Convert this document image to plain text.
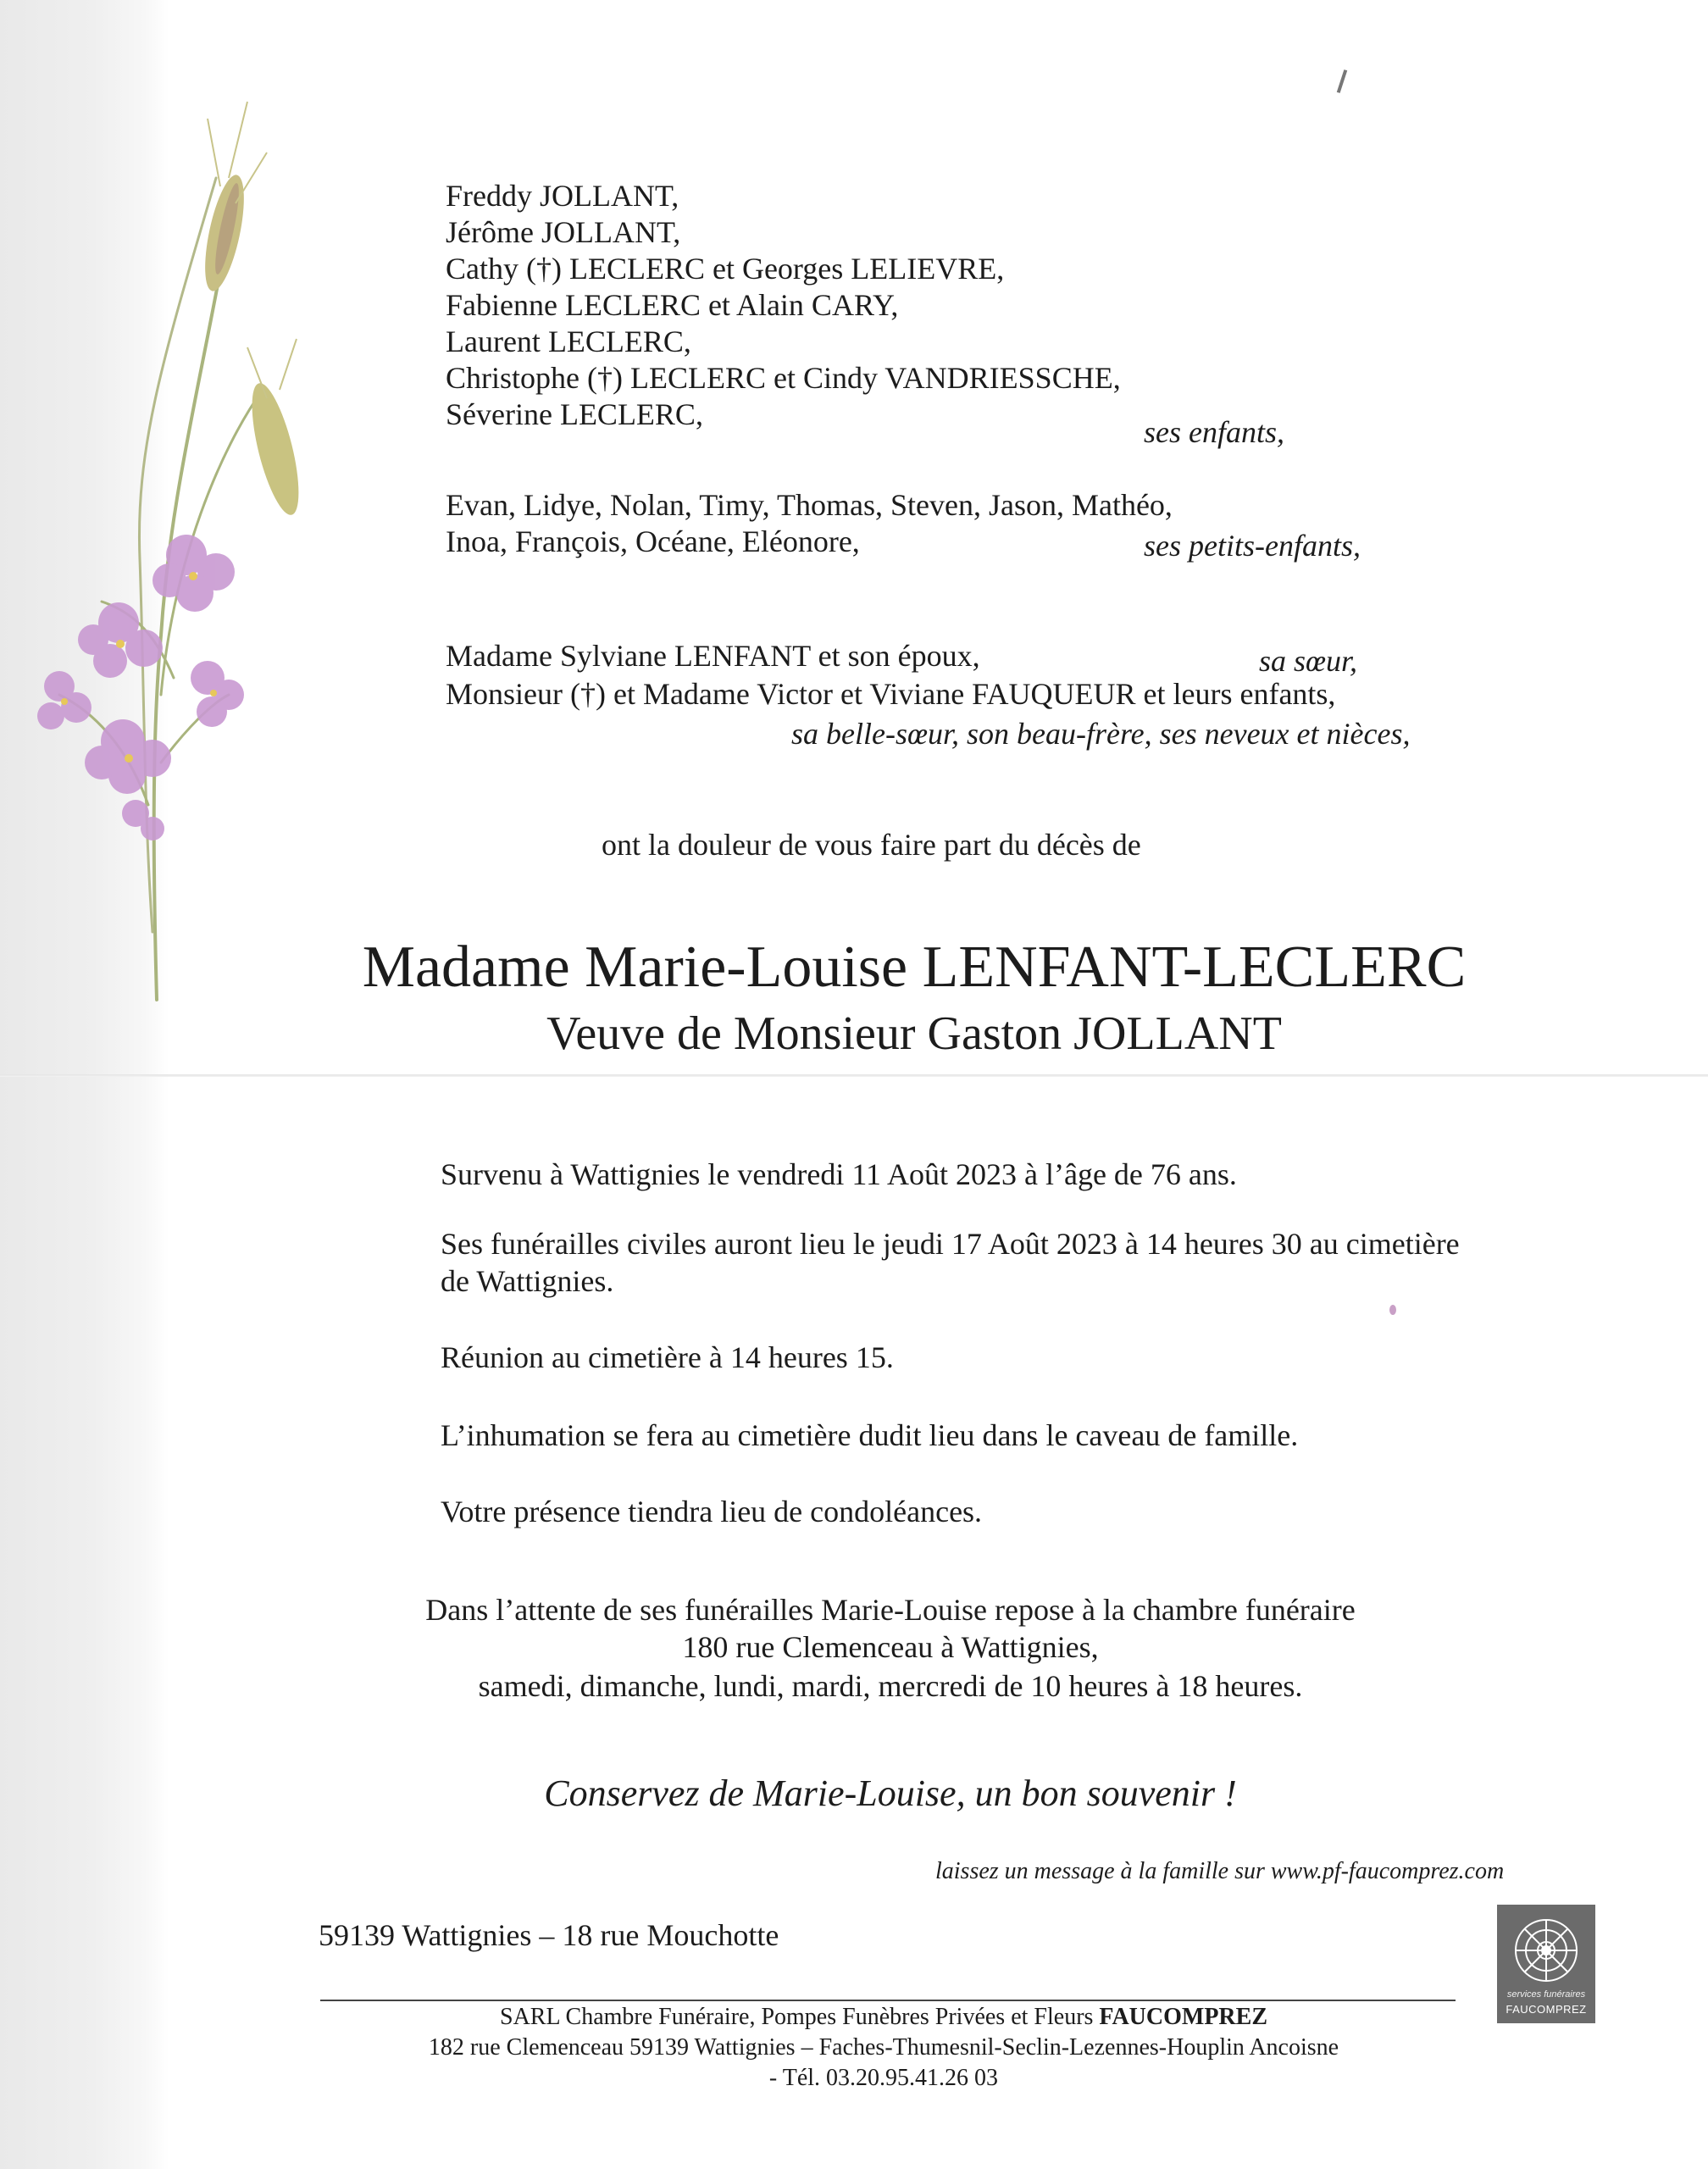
Freddy JOLLANT,
Jérôme JOLLANT,
Cathy (†) LECLERC et Georges LELIEVRE,
Fabienne LECLERC et Alain CARY,
Laurent LECLERC,
Christophe (†) LECLERC et Cindy VANDRIESSCHE,
Séverine LECLERC,
ses enfants,
Evan, Lidye, Nolan, Timy, Thomas, Steven, Jason, Mathéo,
Inoa, François, Océane, Eléonore,	ses petits-enfants,
Madame Sylviane LENFANT et son époux,	sa sœur,
Monsieur (†) et Madame Victor et Viviane FAUQUEUR et leurs enfants,
sa belle-sœur, son beau-frère, ses neveux et nièces,
ont la douleur de vous faire part du décès de
Madame Marie-Louise LENFANT-LECLERC
Veuve de Monsieur Gaston JOLLANT
Survenu à Wattignies le vendredi 11 Août 2023 à l’âge de 76 ans.
Ses funérailles civiles auront lieu le jeudi 17 Août 2023 à 14 heures 30 au cimetière
de Wattignies.
Réunion au cimetière à 14 heures 15.
L’inhumation se fera au cimetière dudit lieu dans le caveau de famille.
Votre présence tiendra lieu de condoléances.
Dans l’attente de ses funérailles Marie-Louise repose à la chambre funéraire
180 rue Clemenceau à Wattignies,
samedi, dimanche, lundi, mardi, mercredi de 10 heures à 18 heures.
Conservez de Marie-Louise, un bon souvenir !
laissez un message à la famille sur www.pf-faucomprez.com
59139 Wattignies – 18 rue Mouchotte
services funéraires
FAUCOMPREZ
SARL Chambre Funéraire, Pompes Funèbres Privées et Fleurs FAUCOMPREZ
182 rue Clemenceau 59139 Wattignies – Faches-Thumesnil-Seclin-Lezennes-Houplin Ancoisne
- Tél. 03.20.95.41.26 03
